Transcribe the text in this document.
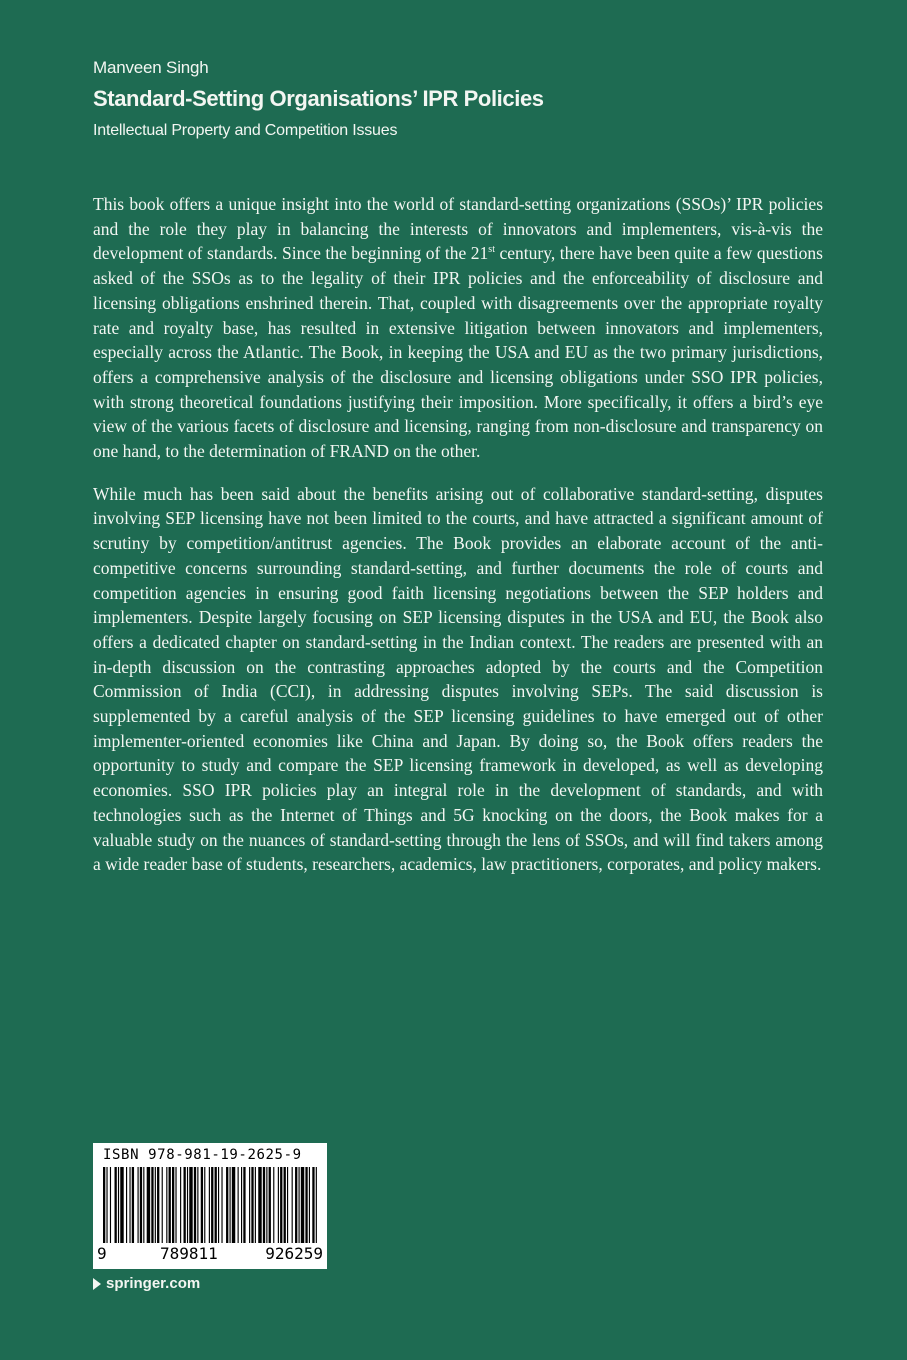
Manveen Singh

Standard-Setting Organisations’ IPR Policies

Intellectual Property and Competition Issues

This book offers a unique insight into the world of standard-setting organizations (SSOs)’ IPR policies and the role they play in balancing the interests of innovators and implementers, vis-à-vis the development of standards. Since the beginning of the 21st century, there have been quite a few questions asked of the SSOs as to the legality of their IPR policies and the enforceability of disclosure and licensing obligations enshrined therein. That, coupled with disagreements over the appropriate royalty rate and royalty base, has resulted in extensive litigation between innovators and implementers, especially across the Atlantic. The Book, in keeping the USA and EU as the two primary jurisdictions, offers a comprehensive analysis of the disclosure and licensing obligations under SSO IPR policies, with strong theoretical foundations justifying their imposition. More specifically, it offers a bird’s eye view of the various facets of disclosure and licensing, ranging from non-disclosure and transparency on one hand, to the determination of FRAND on the other.

While much has been said about the benefits arising out of collaborative standard-setting, disputes involving SEP licensing have not been limited to the courts, and have attracted a significant amount of scrutiny by competition/antitrust agencies. The Book provides an elaborate account of the anti-competitive concerns surrounding standard-setting, and further documents the role of courts and competition agencies in ensuring good faith licensing negotiations between the SEP holders and implementers. Despite largely focusing on SEP licensing disputes in the USA and EU, the Book also offers a dedicated chapter on standard-setting in the Indian context. The readers are presented with an in-depth discussion on the contrasting approaches adopted by the courts and the Competition Commission of India (CCI), in addressing disputes involving SEPs. The said discussion is supplemented by a careful analysis of the SEP licensing guidelines to have emerged out of other implementer-oriented economies like China and Japan. By doing so, the Book offers readers the opportunity to study and compare the SEP licensing framework in developed, as well as developing economies. SSO IPR policies play an integral role in the development of standards, and with technologies such as the Internet of Things and 5G knocking on the doors, the Book makes for a valuable study on the nuances of standard-setting through the lens of SSOs, and will find takers among a wide reader base of students, researchers, academics, law practitioners, corporates, and policy makers.

ISBN 978-981-19-2625-9
9	789811	926259
springer.com
